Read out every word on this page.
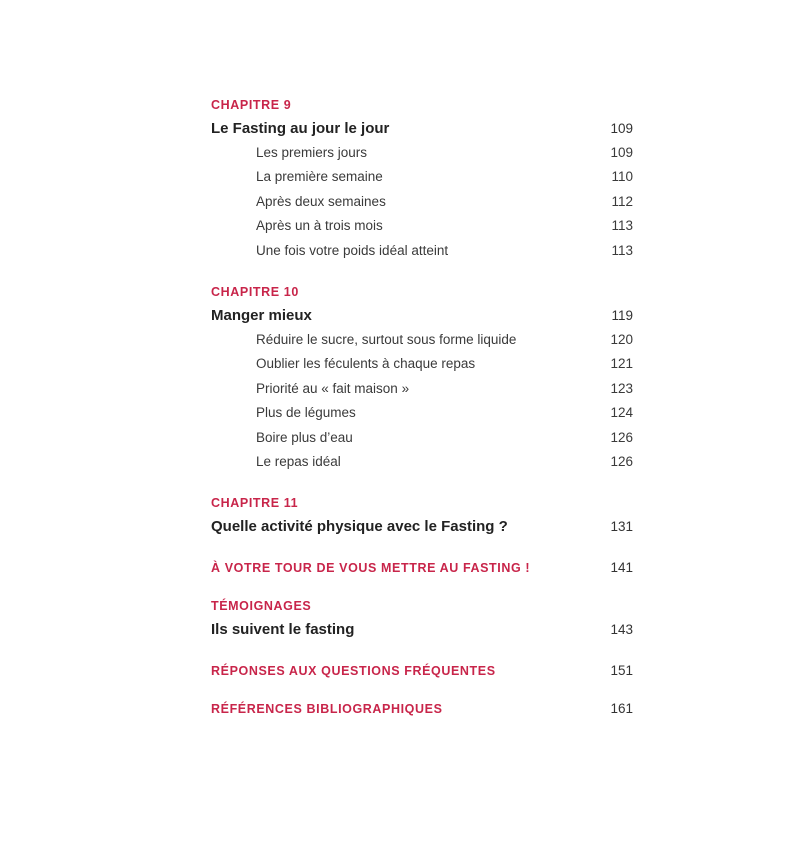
CHAPITRE 9
Le Fasting au jour le jour	109
Les premiers jours	109
La première semaine	110
Après deux semaines	112
Après un à trois mois	113
Une fois votre poids idéal atteint	113
CHAPITRE 10
Manger mieux	119
Réduire le sucre, surtout sous forme liquide	120
Oublier les féculents à chaque repas	121
Priorité au « fait maison »	123
Plus de légumes	124
Boire plus d’eau	126
Le repas idéal	126
CHAPITRE 11
Quelle activité physique avec le Fasting ?	131
À VOTRE TOUR DE VOUS METTRE AU FASTING !	141
TÉMOIGNAGES
Ils suivent le fasting	143
RÉPONSES AUX QUESTIONS FRÉQUENTES	151
RÉFÉRENCES BIBLIOGRAPHIQUES	161
